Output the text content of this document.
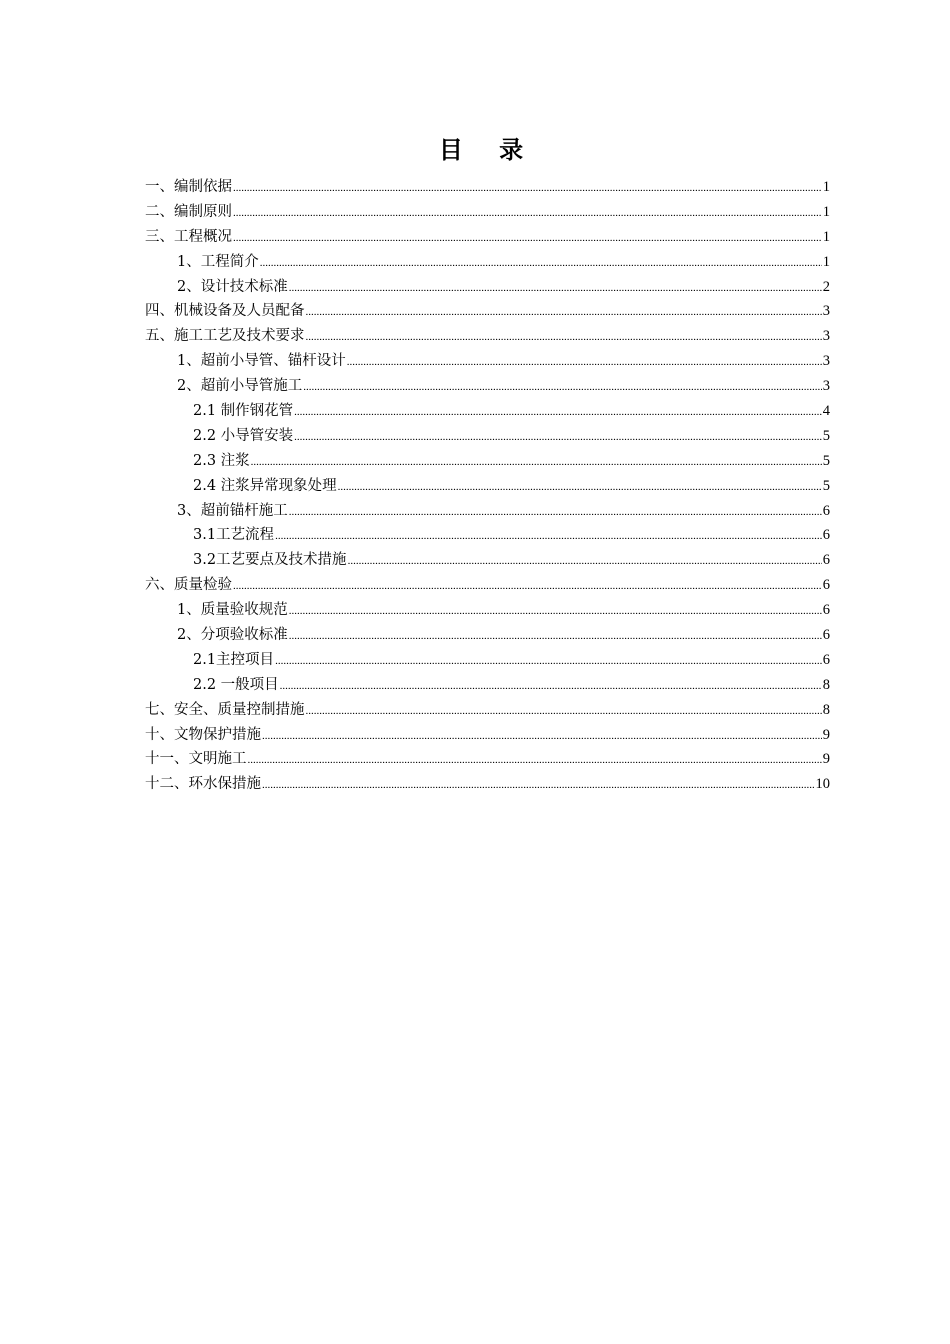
目 录
一、编制依据 .....	1
二、编制原则 .....	1
三、工程概况 .....	1
1、工程简介 .....	1
2、设计技术标准 .....	2
四、机械设备及人员配备 .....	3
五、施工工艺及技术要求 .....	3
1、超前小导管、锚杆设计 .....	3
2、超前小导管施工 .....	3
2.1 制作钢花管 .....	4
2.2 小导管安装 .....	5
2.3 注浆 .....	5
2.4 注浆异常现象处理 .....	5
3、超前锚杆施工 .....	6
3.1工艺流程 .....	6
3.2工艺要点及技术措施 .....	6
六、质量检验 .....	6
1、质量验收规范 .....	6
2、分项验收标准 .....	6
2.1主控项目 .....	6
2.2 一般项目 .....	8
七、安全、质量控制措施 .....	8
十、文物保护措施 .....	9
十一、文明施工 .....	9
十二、环水保措施 .....	10
